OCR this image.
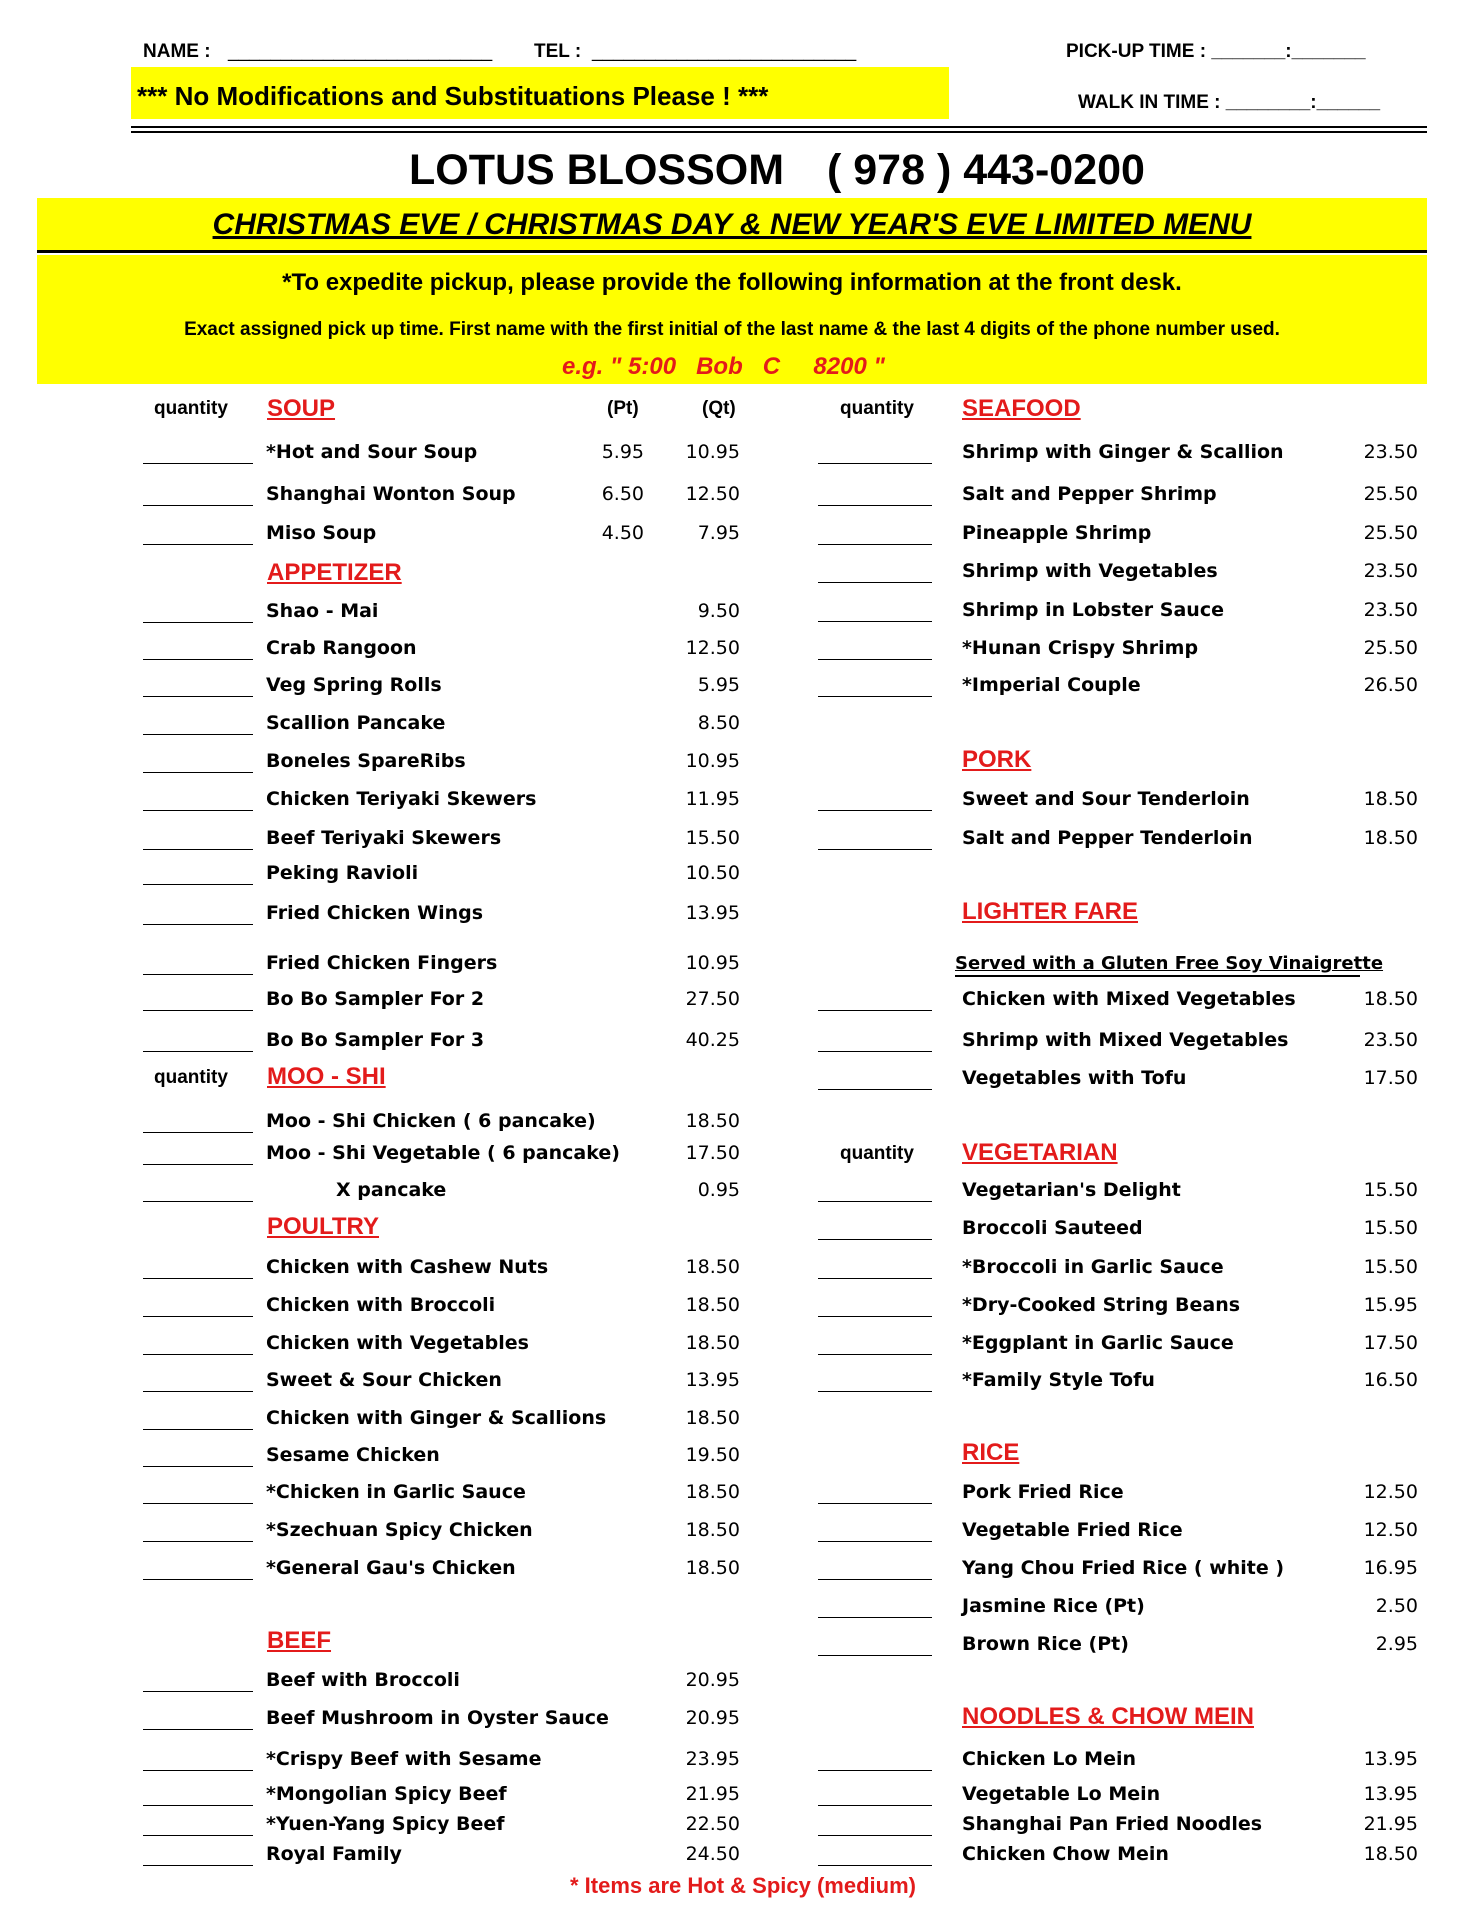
NAME : _________________________ TEL : _________________________	PICK-UP TIME : _______:_______
*** No Modifications and Substituations Please ! ***	WALK IN TIME : ________:______
LOTUS BLOSSOM ( 978 ) 443-0200
CHRISTMAS EVE / CHRISTMAS DAY & NEW YEAR'S EVE LIMITED MENU
*To expedite pickup, please provide the following information at the front desk.
Exact assigned pick up time. First name with the first initial of the last name & the last 4 digits of the phone number used.
e.g. " 5:00   Bob   C     8200 "
quantity SOUP	(Pt)	(Qt)
*Hot and Sour Soup	5.95	10.95
Shanghai Wonton Soup	6.50	12.50
Miso Soup	4.50	7.95
APPETIZER
Shao - Mai	9.50
Crab Rangoon	12.50
Veg Spring Rolls	5.95
Scallion Pancake	8.50
Boneles SpareRibs	10.95
Chicken Teriyaki Skewers	11.95
Beef Teriyaki Skewers	15.50
Peking Ravioli	10.50
Fried Chicken Wings	13.95
Fried Chicken Fingers	10.95
Bo Bo Sampler For 2	27.50
Bo Bo Sampler For 3	40.25
quantity MOO - SHI
Moo - Shi Chicken ( 6 pancake)	18.50
Moo - Shi Vegetable ( 6 pancake)	17.50
X pancake	0.95
POULTRY
Chicken with Cashew Nuts	18.50
Chicken with Broccoli	18.50
Chicken with Vegetables	18.50
Sweet & Sour Chicken	13.95
Chicken with Ginger & Scallions	18.50
Sesame Chicken	19.50
*Chicken in Garlic Sauce	18.50
*Szechuan Spicy Chicken	18.50
*General Gau's Chicken	18.50
BEEF
Beef with Broccoli	20.95
Beef Mushroom in Oyster Sauce	20.95
*Crispy Beef with Sesame	23.95
*Mongolian Spicy Beef	21.95
*Yuen-Yang Spicy Beef	22.50
Royal Family	24.50
quantity SEAFOOD
Shrimp with Ginger & Scallion	23.50
Salt and Pepper Shrimp	25.50
Pineapple Shrimp	25.50
Shrimp with Vegetables	23.50
Shrimp in Lobster Sauce	23.50
*Hunan Crispy Shrimp	25.50
*Imperial Couple	26.50
PORK
Sweet and Sour Tenderloin	18.50
Salt and Pepper Tenderloin	18.50
LIGHTER FARE
Served with a Gluten Free Soy Vinaigrette
Chicken with Mixed Vegetables	18.50
Shrimp with Mixed Vegetables	23.50
Vegetables with Tofu	17.50
quantity VEGETARIAN
Vegetarian's Delight	15.50
Broccoli Sauteed	15.50
*Broccoli in Garlic Sauce	15.50
*Dry-Cooked String Beans	15.95
*Eggplant in Garlic Sauce	17.50
*Family Style Tofu	16.50
RICE
Pork Fried Rice	12.50
Vegetable Fried Rice	12.50
Yang Chou Fried Rice ( white )	16.95
Jasmine Rice (Pt)	2.50
Brown Rice (Pt)	2.95
NOODLES & CHOW MEIN
Chicken Lo Mein	13.95
Vegetable Lo Mein	13.95
Shanghai Pan Fried Noodles	21.95
Chicken Chow Mein	18.50
* Items are Hot & Spicy (medium)
